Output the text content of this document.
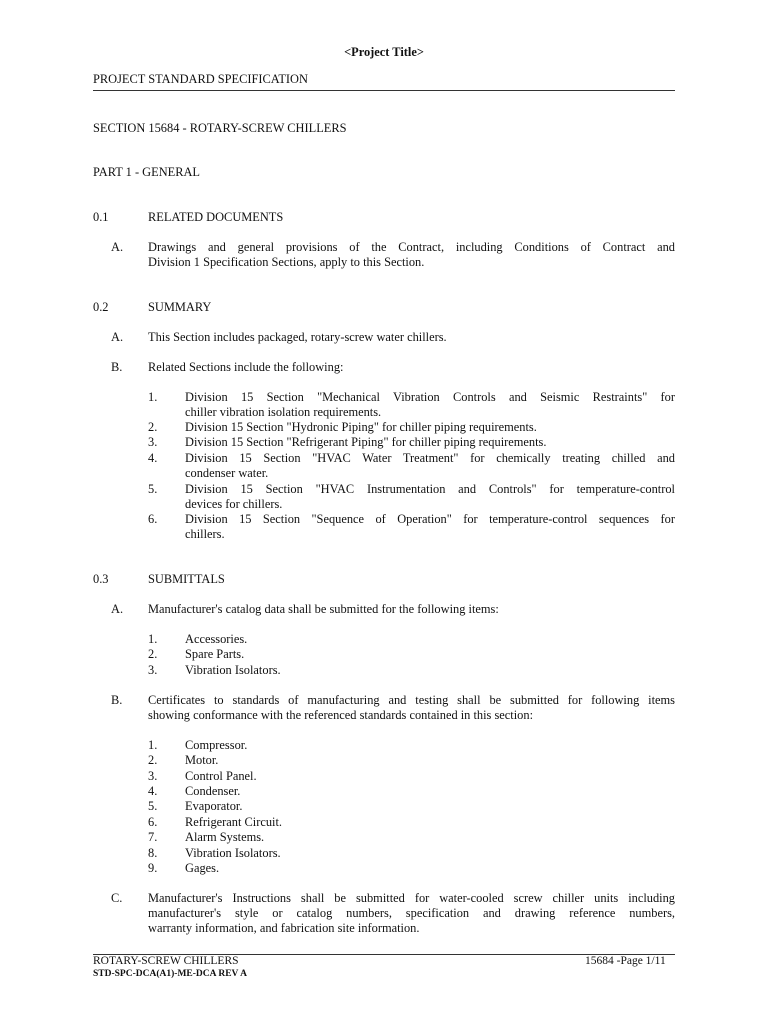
<Project Title>
PROJECT STANDARD SPECIFICATION
SECTION 15684 - ROTARY-SCREW CHILLERS
PART 1 - GENERAL
0.1	RELATED DOCUMENTS
A. Drawings and general provisions of the Contract, including Conditions of Contract and
Division 1 Specification Sections, apply to this Section.
0.2	SUMMARY
A. This Section includes packaged, rotary-screw water chillers.
B. Related Sections include the following:
1. Division 15 Section "Mechanical Vibration Controls and Seismic Restraints" for
chiller vibration isolation requirements.
2. Division 15 Section "Hydronic Piping" for chiller piping requirements.
3. Division 15 Section "Refrigerant Piping" for chiller piping requirements.
4. Division 15 Section "HVAC Water Treatment" for chemically treating chilled and
condenser water.
5. Division 15 Section "HVAC Instrumentation and Controls" for temperature-control
devices for chillers.
6. Division 15 Section "Sequence of Operation" for temperature-control sequences for
chillers.
0.3	SUBMITTALS
A. Manufacturer's catalog data shall be submitted for the following items:
1. Accessories.
2. Spare Parts.
3. Vibration Isolators.
B. Certificates to standards of manufacturing and testing shall be submitted for following items
showing conformance with the referenced standards contained in this section:
1. Compressor.
2. Motor.
3. Control Panel.
4. Condenser.
5. Evaporator.
6. Refrigerant Circuit.
7. Alarm Systems.
8. Vibration Isolators.
9. Gages.
C. Manufacturer's Instructions shall be submitted for water-cooled screw chiller units including
manufacturer's style or catalog numbers, specification and drawing reference numbers,
warranty information, and fabrication site information.
ROTARY-SCREW CHILLERS	15684 -Page 1/11
STD-SPC-DCA(A1)-ME-DCA REV A
